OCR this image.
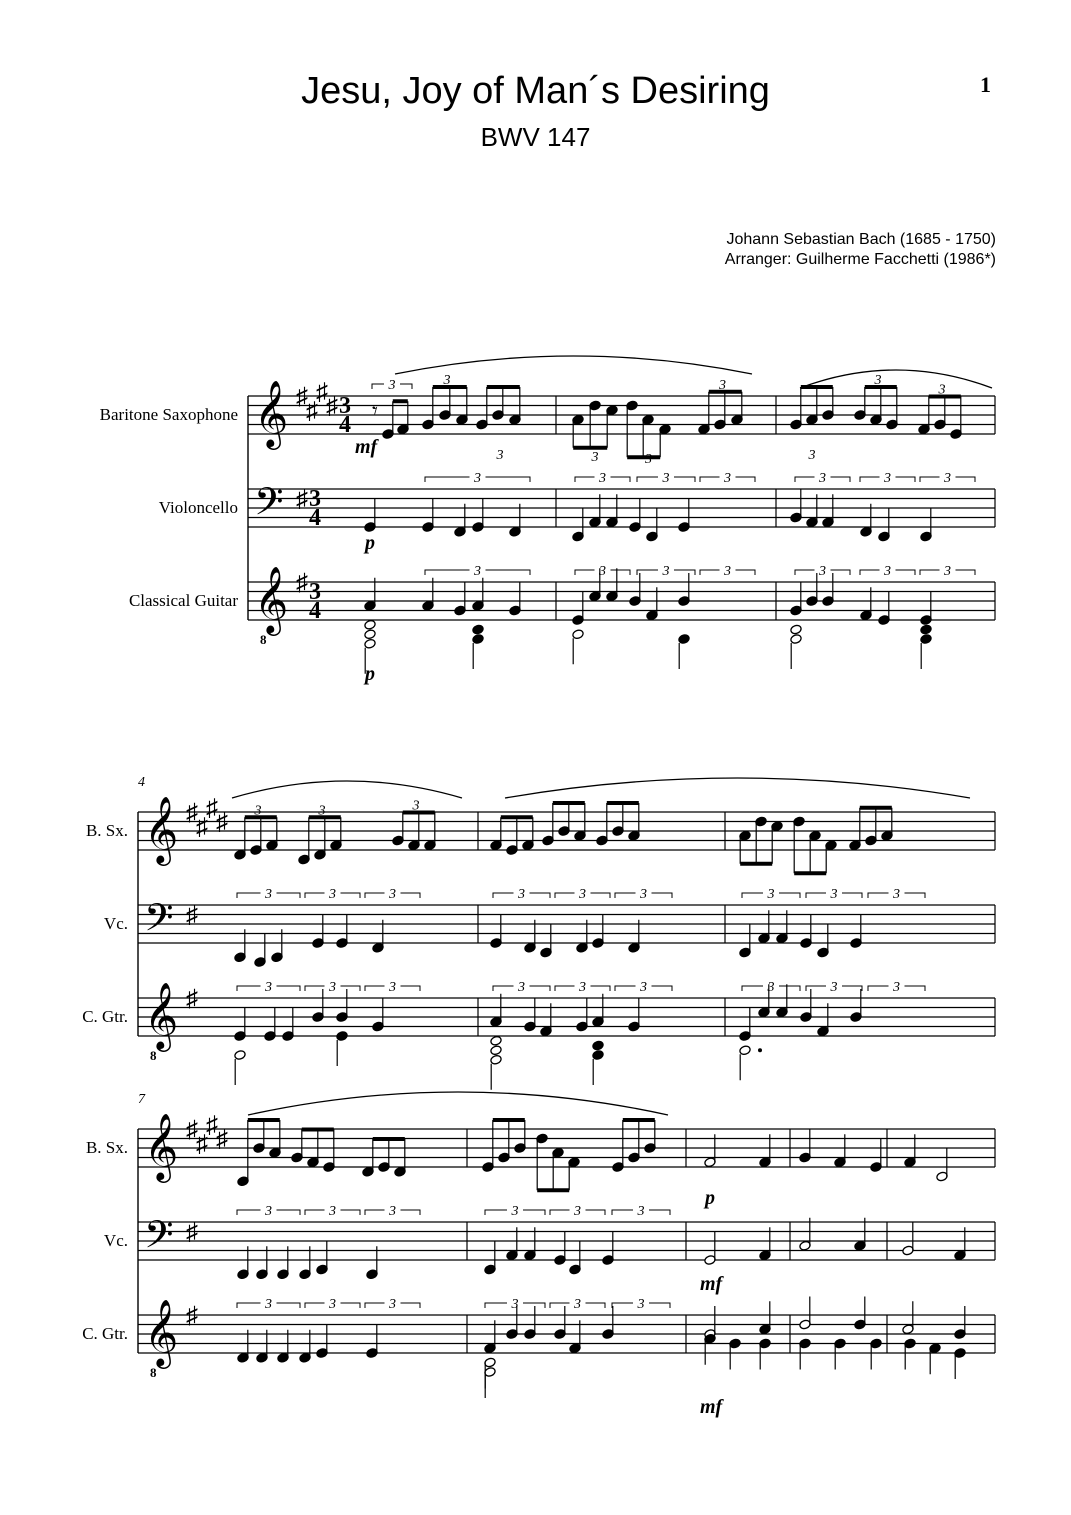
Jesu, Joy of Man´s Desiring
BWV 147
1
Johann Sebastian Bach (1685 - 1750)
Arranger: Guilherme Facchetti (1986*)
𝄞 ♯
♯
♯
♯ 3
4
𝄢 ♯ 3
4
𝄞
8
♯ 3
4
Baritone Saxophone
Violoncello
Classical Guitar
𝄞 ♯
♯
♯
♯
𝄢 ♯
𝄞
8
♯
B. Sx.
Vc.
C. Gtr.
4
𝄞 ♯
♯
♯
♯
𝄢 ♯
𝄞
8
♯
B. Sx.
Vc.
C. Gtr.
7
𝄾
3	3
3	3	3
3
3
3
3
mf
3	3	3	3	3	3	3
p
3	3	3	3	3	3	3
p
3	3	3
3	3	3	3	3	3	3	3	3
3	3	3	3	3	3	3	3	3
p
3	3	3	3	3	3
mf
3	3	3	3	3	3
mf
